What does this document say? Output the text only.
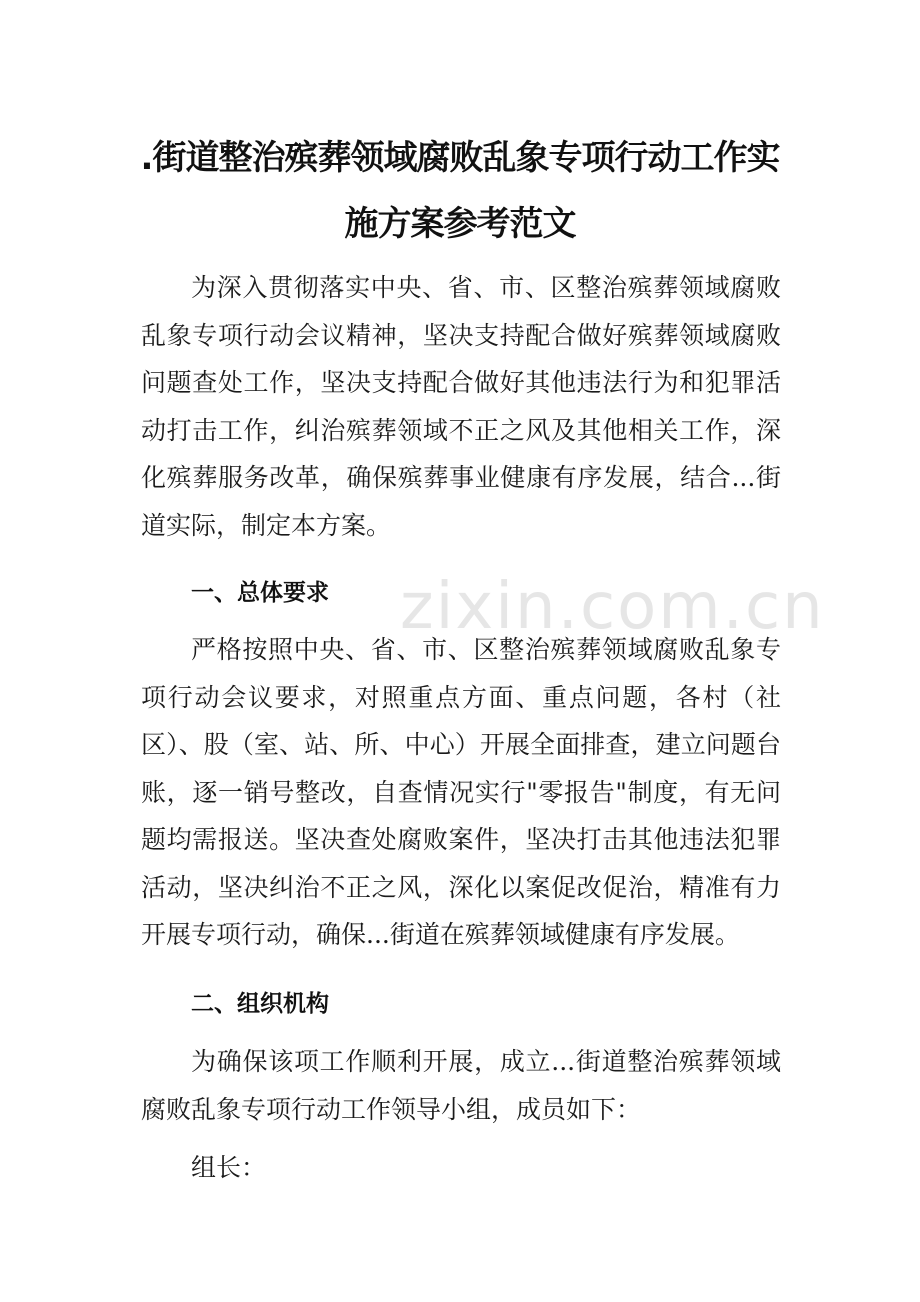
zixin.com.cn
.街道整治殡葬领域腐败乱象专项行动工作实
施方案参考范文

为深入贯彻落实中央、省、市、区整治殡葬领域腐败乱象专项行动会议精神，坚决支持配合做好殡葬领域腐败问题查处工作，坚决支持配合做好其他违法行为和犯罪活动打击工作，纠治殡葬领域不正之风及其他相关工作，深化殡葬服务改革，确保殡葬事业健康有序发展，结合...街道实际，制定本方案。

一、总体要求

严格按照中央、省、市、区整治殡葬领域腐败乱象专项行动会议要求，对照重点方面、重点问题，各村（社区）、股（室、站、所、中心）开展全面排查，建立问题台账，逐一销号整改，自查情况实行"零报告"制度，有无问题均需报送。坚决查处腐败案件，坚决打击其他违法犯罪活动，坚决纠治不正之风，深化以案促改促治，精准有力开展专项行动，确保...街道在殡葬领域健康有序发展。

二、组织机构

为确保该项工作顺利开展，成立...街道整治殡葬领域腐败乱象专项行动工作领导小组，成员如下：

组长：
